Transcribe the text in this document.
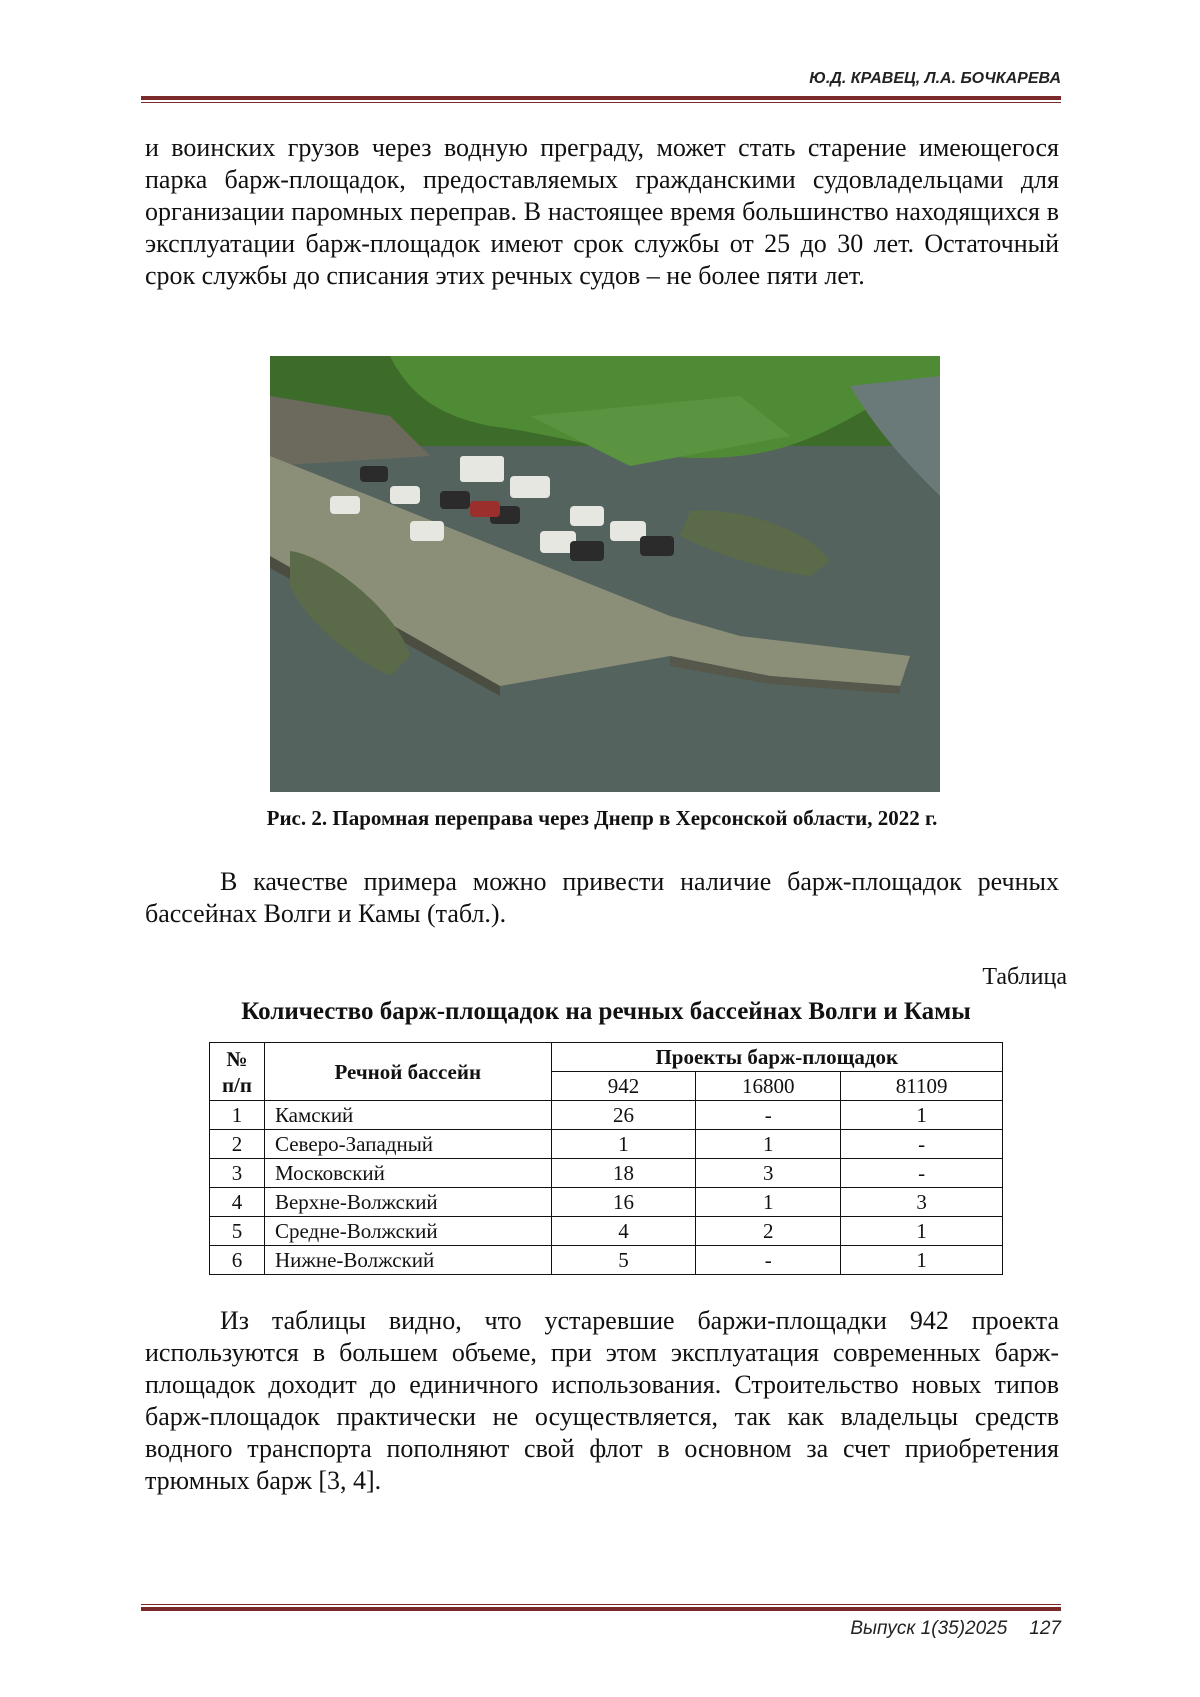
Ю.Д. КРАВЕЦ, Л.А. БОЧКАРЕВА
и воинских грузов через водную преграду, может стать старение имеющегося парка барж-площадок, предоставляемых гражданскими судовладельцами для организации паромных переправ. В настоящее время большинство находящихся в эксплуатации барж-площадок имеют срок службы от 25 до 30 лет. Остаточный срок службы до списания этих речных судов – не более пяти лет.
Рис. 2. Паромная переправа через Днепр в Херсонской области, 2022 г.
В качестве примера можно привести наличие барж-площадок речных бассейнах Волги и Камы (табл.).
Таблица
Количество барж-площадок на речных бассейнах Волги и Камы
№ п/п	Речной бассейн	Проекты барж-площадок		
		942	16800	81109
1	Камский	26	-	1
2	Северо-Западный	1	1	-
3	Московский	18	3	-
4	Верхне-Волжский	16	1	3
5	Средне-Волжский	4	2	1
6	Нижне-Волжский	5	-	1
Из таблицы видно, что устаревшие баржи-площадки 942 проекта используются в большем объеме, при этом эксплуатация современных барж-площадок доходит до единичного использования. Строительство новых типов барж-площадок практически не осуществляется, так как владельцы средств водного транспорта пополняют свой флот в основном за счет приобретения трюмных барж [3, 4].
Выпуск 1(35)2025 127
